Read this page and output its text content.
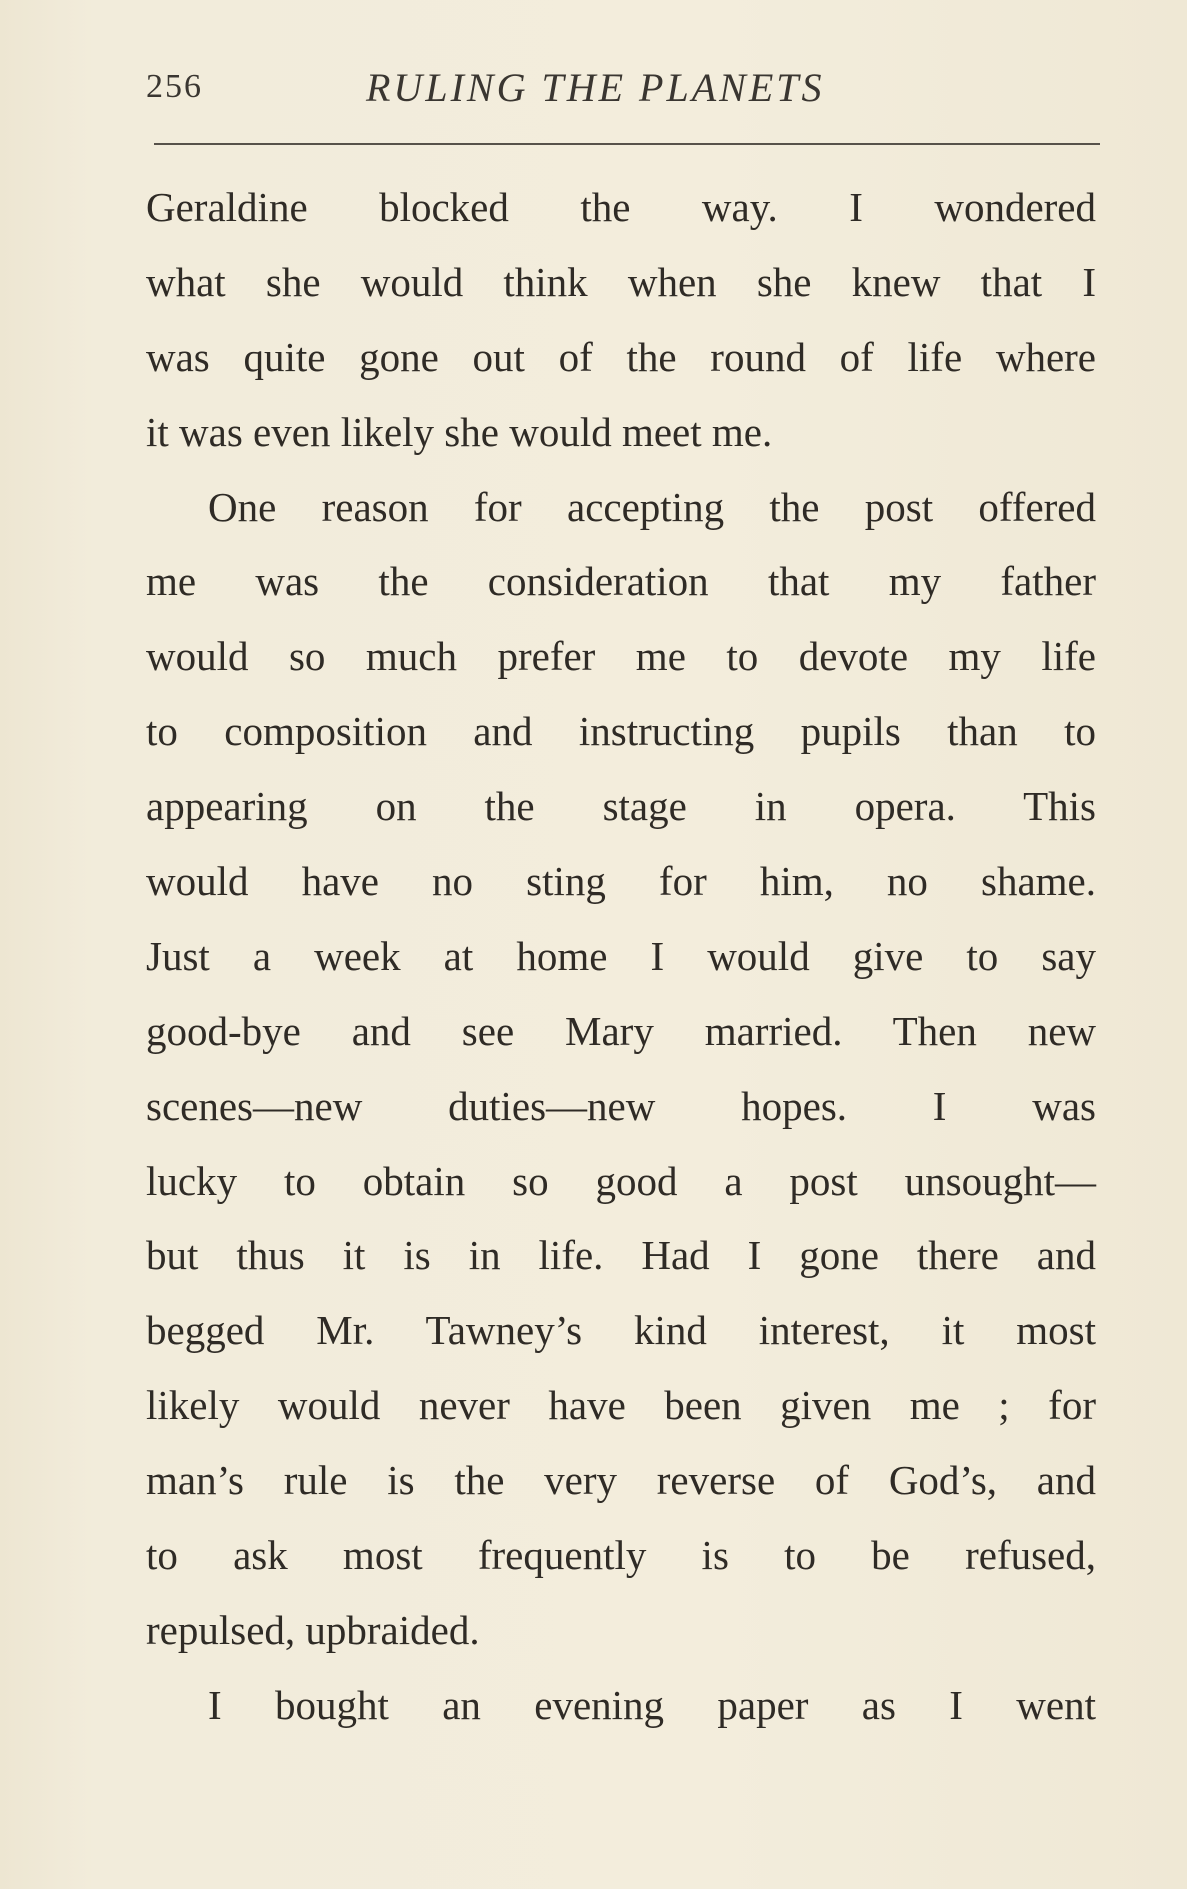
256	RULING THE PLANETS
Geraldine blocked the way. I wondered
what she would think when she knew that I
was quite gone out of the round of life where
it was even likely she would meet me.
One reason for accepting the post offered
me was the consideration that my father
would so much prefer me to devote my life
to composition and instructing pupils than to
appearing on the stage in opera. This
would have no sting for him, no shame.
Just a week at home I would give to say
good-bye and see Mary married. Then new
scenes—new duties—new hopes. I was
lucky to obtain so good a post unsought—
but thus it is in life. Had I gone there and
begged Mr. Tawney’s kind interest, it most
likely would never have been given me ; for
man’s rule is the very reverse of God’s, and
to ask most frequently is to be refused,
repulsed, upbraided.
I bought an evening paper as I went
